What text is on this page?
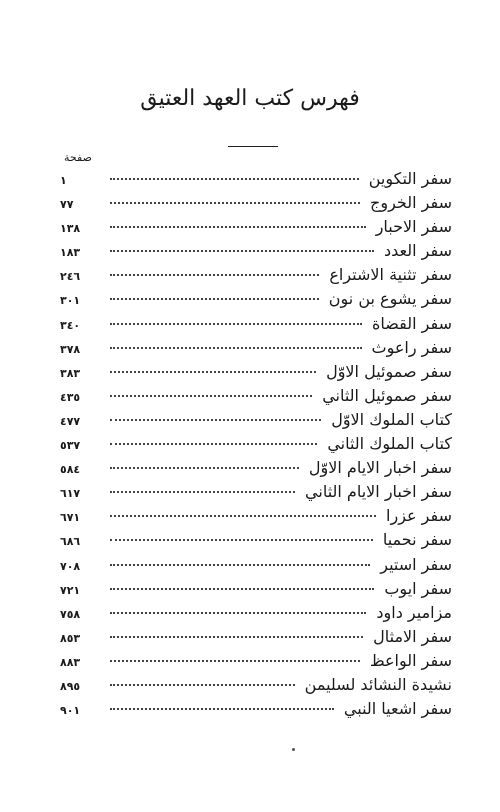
فهرس كتب العهد العتيق
صفحة
سفر التكوين
١
سفر الخروج
٧٧
سفر الاحبار
١٣٨
سفر العدد
١٨٣
سفر تثنية الاشتراع
٢٤٦
سفر يشوع بن نون
٣٠١
سفر القضاة
٣٤٠
سفر راعوث
٣٧٨
سفر صموئيل الاوّل
٣٨٣
سفر صموئيل الثاني
٤٣٥
كتاب الملوك الاوّل
٤٧٧
كتاب الملوك الثاني
٥٣٧
سفر اخبار الايام الاوّل
٥٨٤
سفر اخبار الايام الثاني
٦١٧
سفر عزرا
٦٧١
سفر نحميا
٦٨٦
سفر استير
٧٠٨
سفر ايوب
٧٢١
مزامير داود
٧٥٨
سفر الامثال
٨٥٣
سفر الواعظ
٨٨٣
نشيدة النشائد لسليمن
٨٩٥
سفر اشعيا النبي
٩٠١
